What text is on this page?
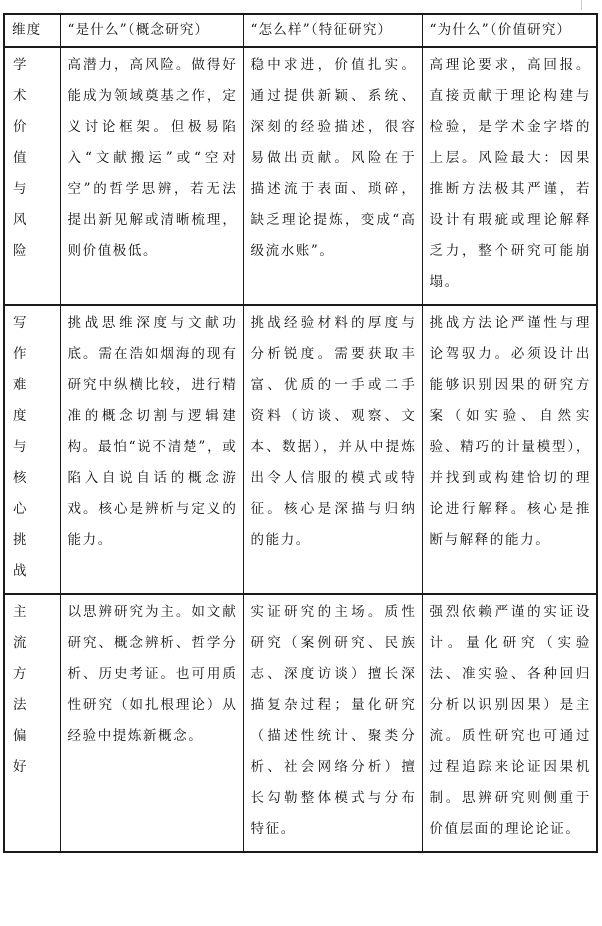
维度	“是什么”（概念研究）	“怎么样”（特征研究）	“为什么”（价值研究）
学术价值与风险	高潜力，高风险。做得好能成为领域奠基之作，定义讨论框架。但极易陷入“文献搬运”或“空对空”的哲学思辨，若无法提出新见解或清晰梳理，则价值极低。	稳中求进，价值扎实。通过提供新颖、系统、深刻的经验描述，很容易做出贡献。风险在于描述流于表面、琐碎，缺乏理论提炼，变成“高级流水账”。	高理论要求，高回报。直接贡献于理论构建与检验，是学术金字塔的上层。风险最大：因果推断方法极其严谨，若设计有瑕疵或理论解释乏力，整个研究可能崩塌。
写作难度与核心挑战	挑战思维深度与文献功底。需在浩如烟海的现有研究中纵横比较，进行精准的概念切割与逻辑建构。最怕“说不清楚”，或陷入自说自话的概念游戏。核心是辨析与定义的能力。	挑战经验材料的厚度与分析锐度。需要获取丰富、优质的一手或二手资料（访谈、观察、文本、数据），并从中提炼出令人信服的模式或特征。核心是深描与归纳的能力。	挑战方法论严谨性与理论驾驭力。必须设计出能够识别因果的研究方案（如实验、自然实验、精巧的计量模型），并找到或构建恰切的理论进行解释。核心是推断与解释的能力。
主流方法偏好	以思辨研究为主。如文献研究、概念辨析、哲学分析、历史考证。也可用质性研究（如扎根理论）从经验中提炼新概念。	实证研究的主场。质性研究（案例研究、民族志、深度访谈）擅长深描复杂过程；量化研究（描述性统计、聚类分析、社会网络分析）擅长勾勒整体模式与分布特征。	强烈依赖严谨的实证设计。量化研究（实验法、准实验、各种回归分析以识别因果）是主流。质性研究也可通过过程追踪来论证因果机制。思辨研究则侧重于价值层面的理论论证。
